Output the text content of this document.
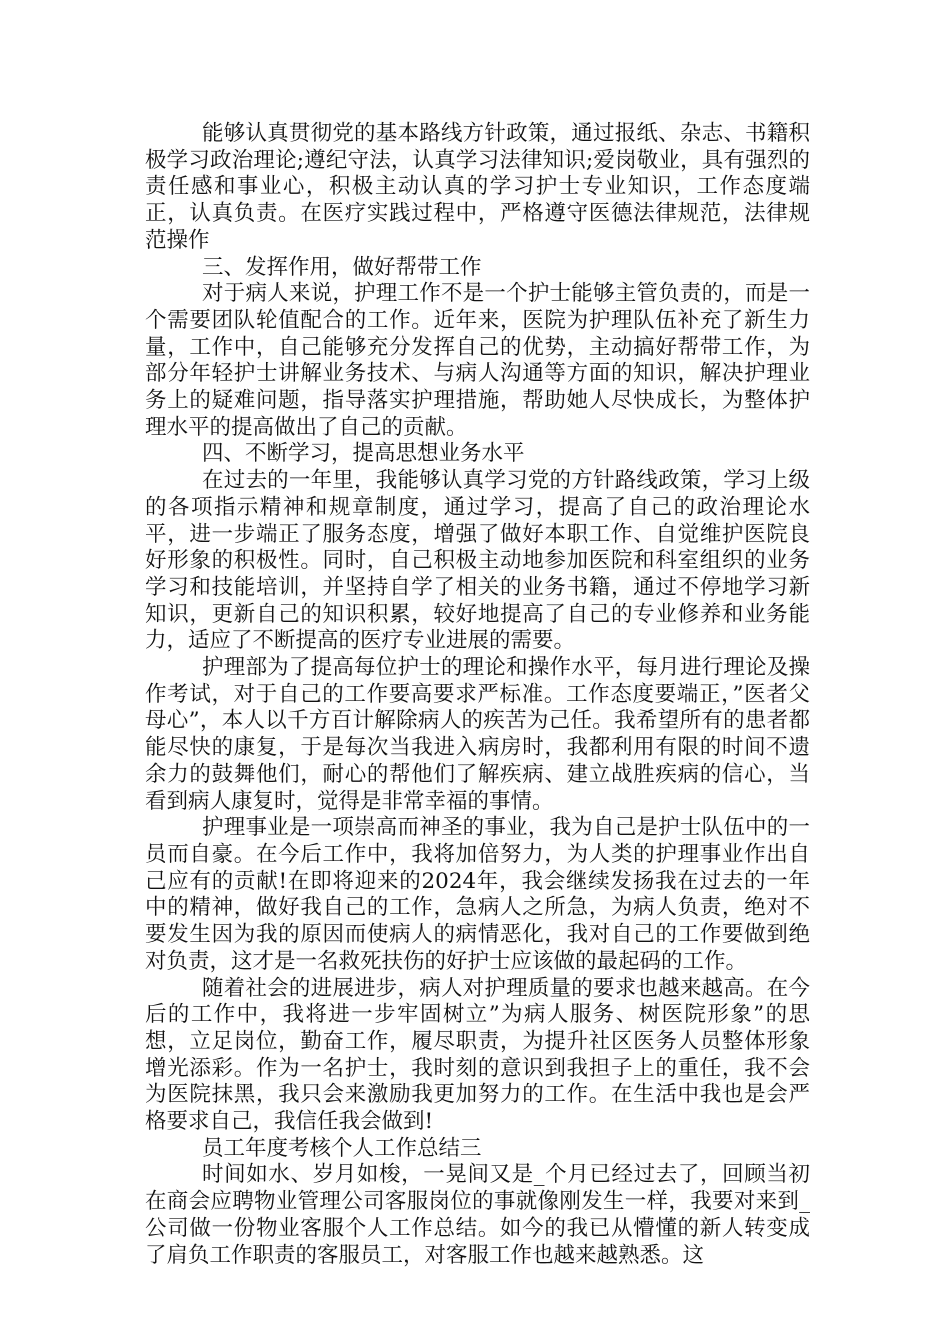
能够认真贯彻党的基本路线方针政策，通过报纸、杂志、书籍积极学习政治理论;遵纪守法，认真学习法律知识;爱岗敬业，具有强烈的责任感和事业心，积极主动认真的学习护士专业知识，工作态度端正，认真负责。在医疗实践过程中，严格遵守医德法律规范，法律规范操作

三、发挥作用，做好帮带工作

对于病人来说，护理工作不是一个护士能够主管负责的，而是一个需要团队轮值配合的工作。近年来，医院为护理队伍补充了新生力量，工作中，自己能够充分发挥自己的优势，主动搞好帮带工作，为部分年轻护士讲解业务技术、与病人沟通等方面的知识，解决护理业务上的疑难问题，指导落实护理措施，帮助她人尽快成长，为整体护理水平的提高做出了自己的贡献。

四、不断学习，提高思想业务水平

在过去的一年里，我能够认真学习党的方针路线政策，学习上级的各项指示精神和规章制度，通过学习，提高了自己的政治理论水平，进一步端正了服务态度，增强了做好本职工作、自觉维护医院良好形象的积极性。同时，自己积极主动地参加医院和科室组织的业务学习和技能培训，并坚持自学了相关的业务书籍，通过不停地学习新知识，更新自己的知识积累，较好地提高了自己的专业修养和业务能力，适应了不断提高的医疗专业进展的需要。

护理部为了提高每位护士的理论和操作水平，每月进行理论及操作考试，对于自己的工作要高要求严标准。工作态度要端正，”医者父母心”，本人以千方百计解除病人的疾苦为己任。我希望所有的患者都能尽快的康复，于是每次当我进入病房时，我都利用有限的时间不遗余力的鼓舞他们，耐心的帮他们了解疾病、建立战胜疾病的信心，当看到病人康复时，觉得是非常幸福的事情。

护理事业是一项崇高而神圣的事业，我为自己是护士队伍中的一员而自豪。在今后工作中，我将加倍努力，为人类的护理事业作出自己应有的贡献!在即将迎来的2024年，我会继续发扬我在过去的一年中的精神，做好我自己的工作，急病人之所急，为病人负责，绝对不要发生因为我的原因而使病人的病情恶化，我对自己的工作要做到绝对负责，这才是一名救死扶伤的好护士应该做的最起码的工作。

随着社会的进展进步，病人对护理质量的要求也越来越高。在今后的工作中，我将进一步牢固树立”为病人服务、树医院形象”的思想，立足岗位，勤奋工作，履尽职责，为提升社区医务人员整体形象增光添彩。作为一名护士，我时刻的意识到我担子上的重任，我不会为医院抹黑，我只会来激励我更加努力的工作。在生活中我也是会严格要求自己，我信任我会做到!

员工年度考核个人工作总结三

时间如水、岁月如梭，一晃间又是_个月已经过去了，回顾当初在商会应聘物业管理公司客服岗位的事就像刚发生一样，我要对来到_公司做一份物业客服个人工作总结。如今的我已从懵懂的新人转变成了肩负工作职责的客服员工，对客服工作也越来越熟悉。这
